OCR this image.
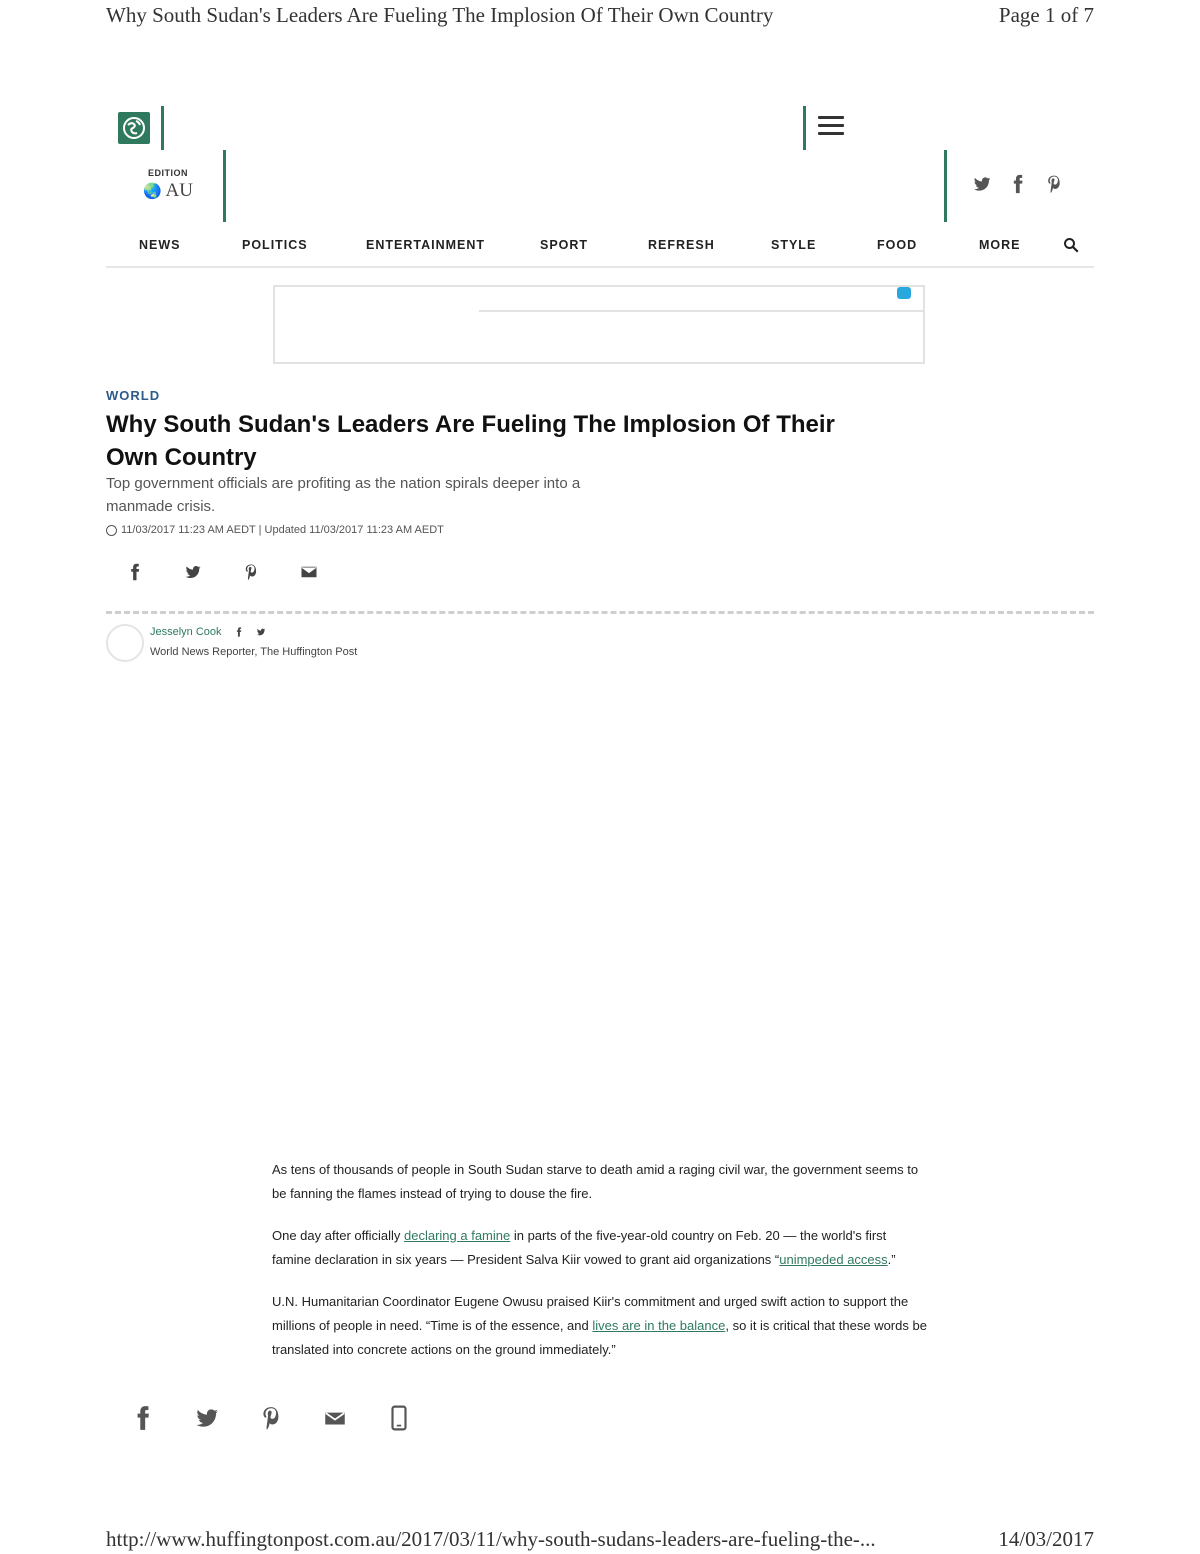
Why South Sudan's Leaders Are Fueling The Implosion Of Their Own Country	Page 1 of 7
EDITION
🌏 AU
NEWS	POLITICS	ENTERTAINMENT	SPORT	REFRESH	STYLE	FOOD	MORE
WORLD
Why South Sudan's Leaders Are Fueling The Implosion Of Their Own Country
Top government officials are profiting as the nation spirals deeper into a manmade crisis.
11/03/2017 11:23 AM AEDT | Updated 11/03/2017 11:23 AM AEDT
Jesselyn Cook
World News Reporter, The Huffington Post

As tens of thousands of people in South Sudan starve to death amid a raging civil war, the government seems to be fanning the flames instead of trying to douse the fire.

One day after officially declaring a famine in parts of the five-year-old country on Feb. 20 — the world's first famine declaration in six years — President Salva Kiir vowed to grant aid organizations “unimpeded access.”

U.N. Humanitarian Coordinator Eugene Owusu praised Kiir's commitment and urged swift action to support the millions of people in need. “Time is of the essence, and lives are in the balance, so it is critical that these words be translated into concrete actions on the ground immediately.”

http://www.huffingtonpost.com.au/2017/03/11/why-south-sudans-leaders-are-fueling-the-...	14/03/2017
